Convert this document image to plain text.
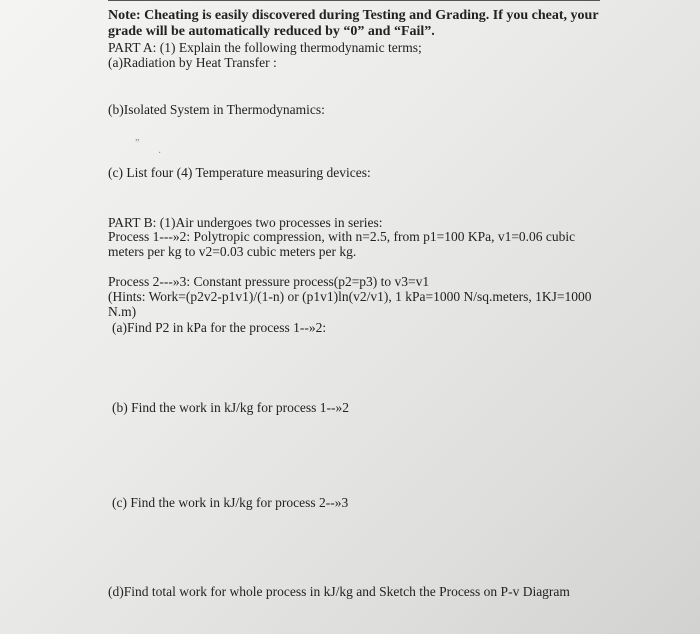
Note: Cheating is easily discovered during Testing and Grading. If you cheat, your
grade will be automatically reduced by “0” and “Fail”.
PART A: (1) Explain the following thermodynamic terms;
(a)Radiation by Heat Transfer :
(b)Isolated System in Thermodynamics:
”
·
(c) List four (4) Temperature measuring devices:
PART B: (1)Air undergoes two processes in series:
Process 1---»2: Polytropic compression, with n=2.5, from p1=100 KPa, v1=0.06 cubic
meters per kg to v2=0.03 cubic meters per kg.
Process 2---»3: Constant pressure process(p2=p3) to v3=v1
(Hints: Work=(p2v2-p1v1)/(1-n) or (p1v1)ln(v2/v1), 1 kPa=1000 N/sq.meters, 1KJ=1000
N.m)
(a)Find P2 in kPa for the process 1--»2:
(b) Find the work in kJ/kg for process 1--»2
(c) Find the work in kJ/kg for process 2--»3
(d)Find total work for whole process in kJ/kg and Sketch the Process on P-v Diagram
